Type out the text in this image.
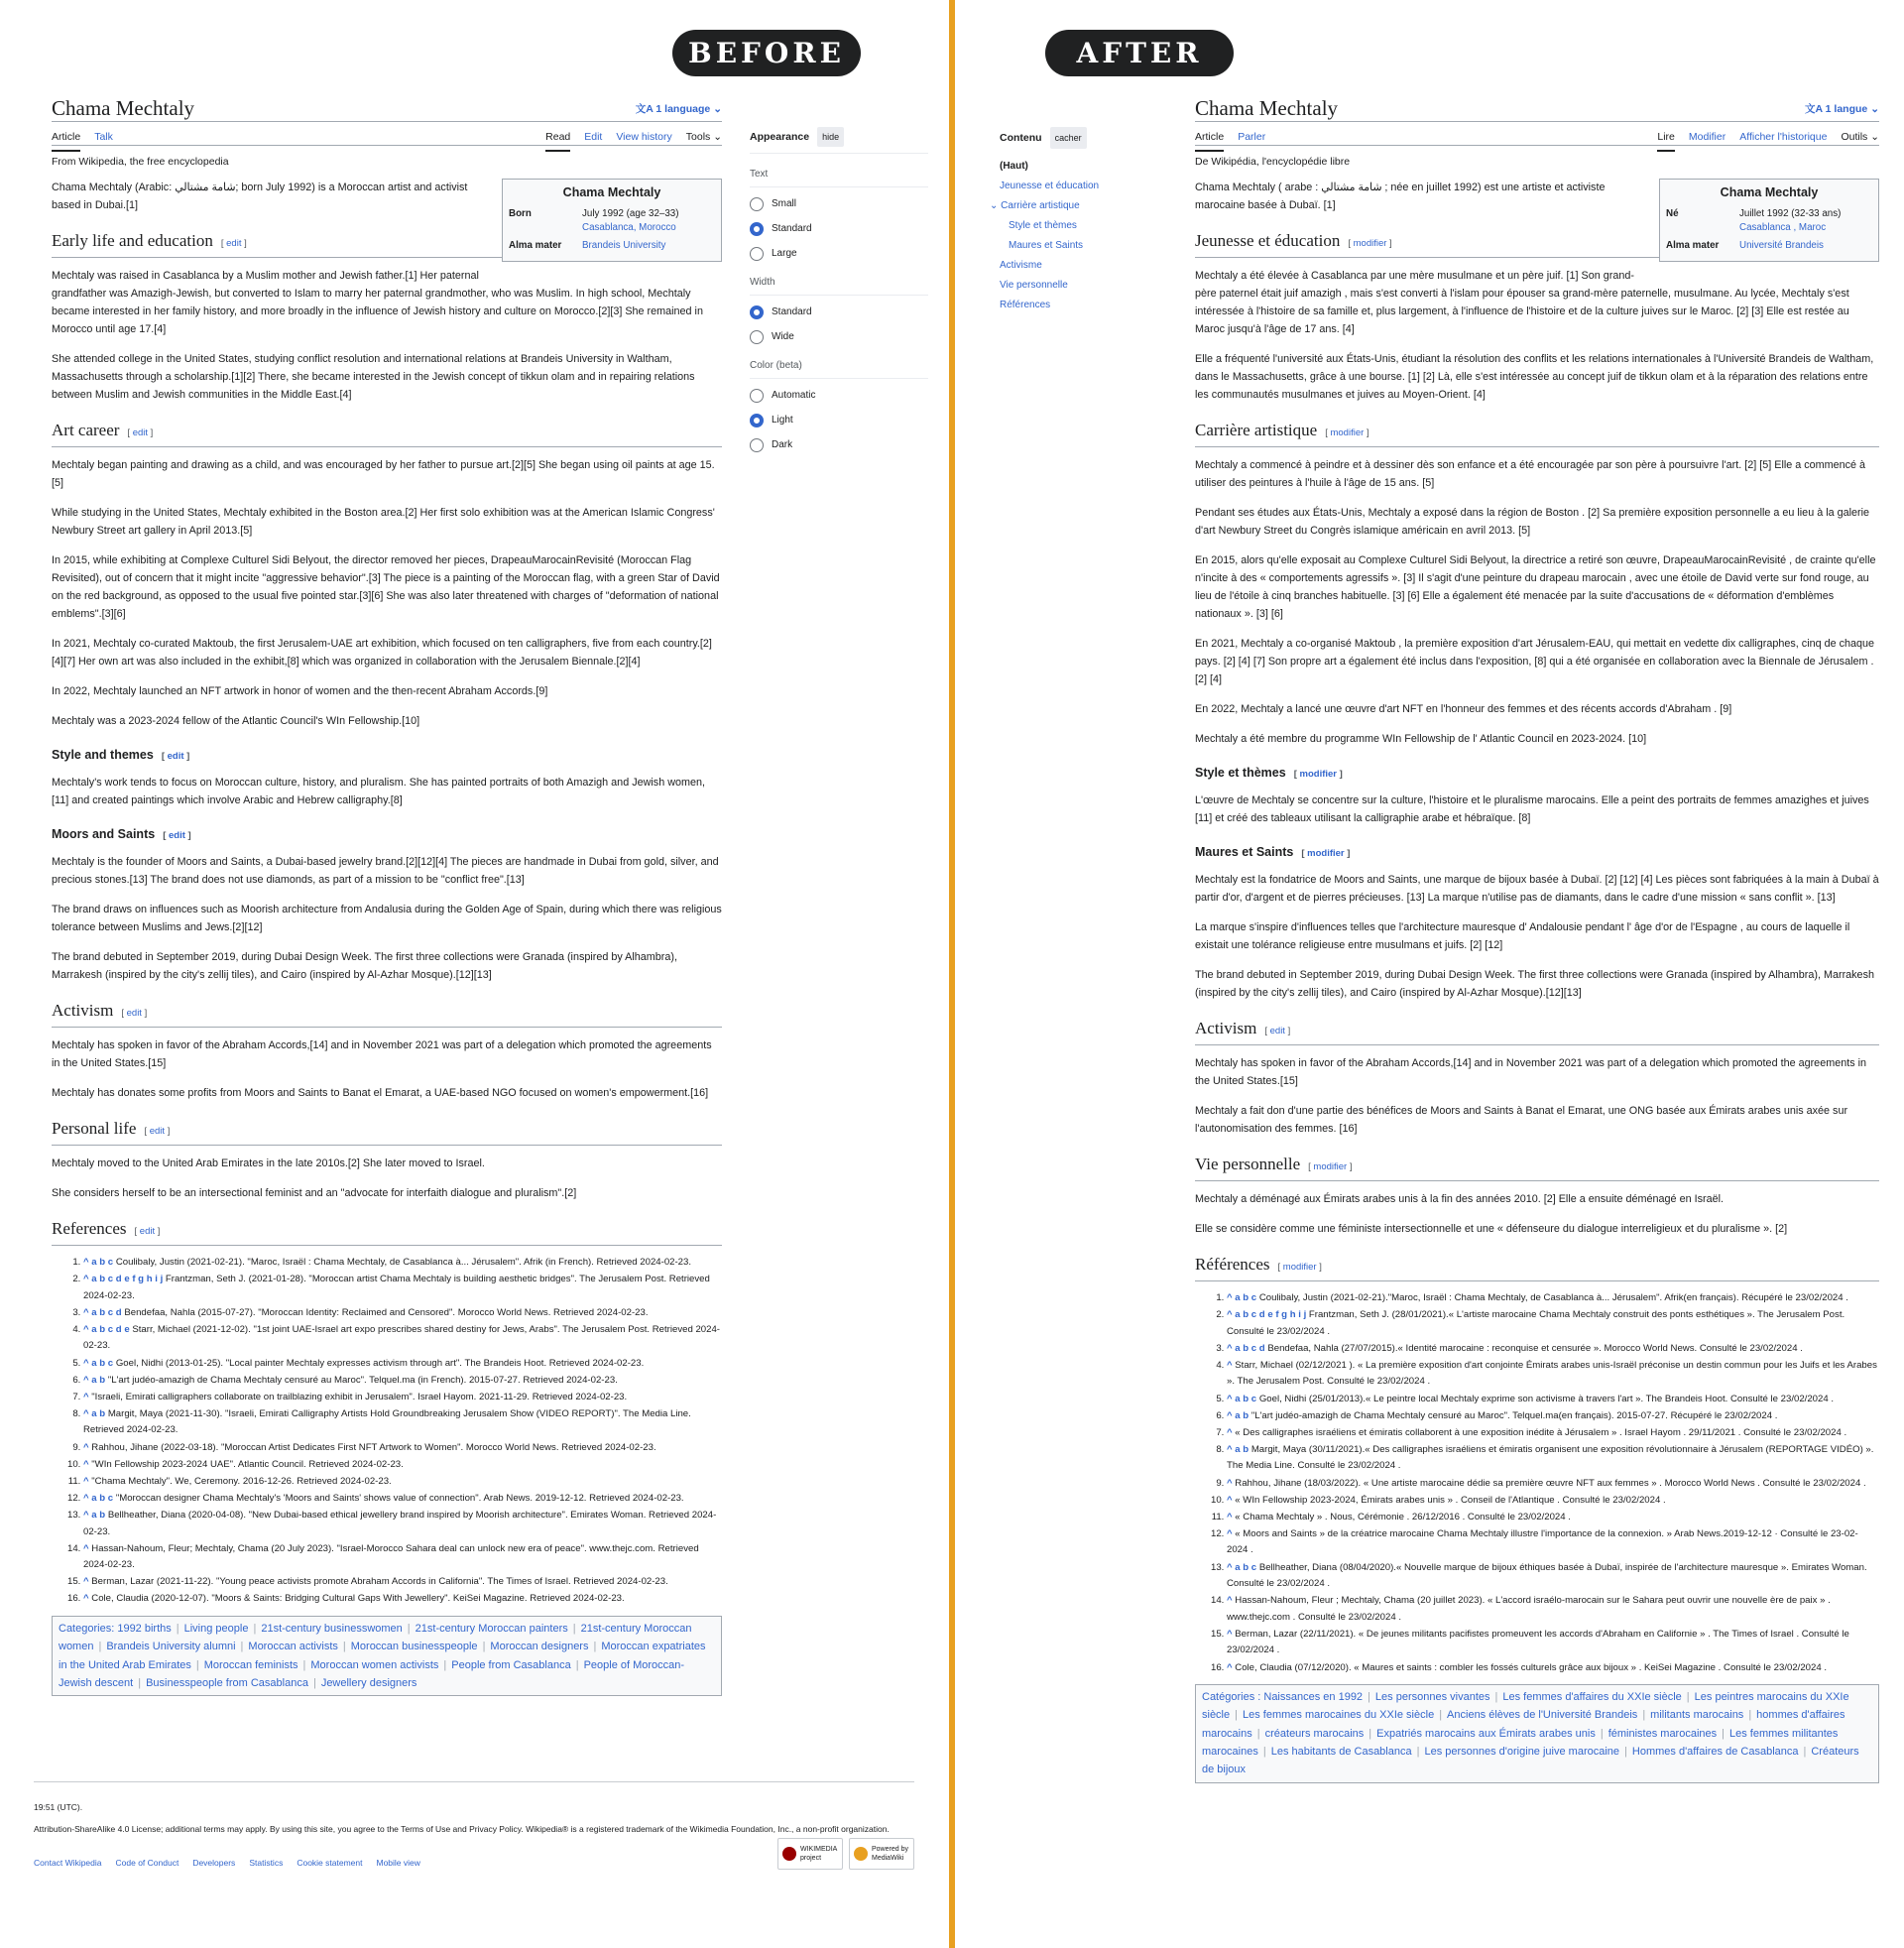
BEFORE	AFTER
Chama Mechtaly	文A 1 language ⌄
Article Talk	Read Edit View history Tools ⌄
From Wikipedia, the free encyclopedia
Chama Mechtaly
Born	July 1992 (age 32–33)
Casablanca, Morocco

Alma mater	Brandeis University

Chama Mechtaly (Arabic: شامة مشتالي; born July 1992) is a Moroccan artist and activist based in Dubai.[1]

Early life and education [ edit ]

Mechtaly was raised in Casablanca by a Muslim mother and Jewish father.[1] Her paternal grandfather was Amazigh-Jewish, but converted to Islam to marry her paternal grandmother, who was Muslim. In high school, Mechtaly became interested in her family history, and more broadly in the influence of Jewish history and culture on Morocco.[2][3] She remained in Morocco until age 17.[4]

She attended college in the United States, studying conflict resolution and international relations at Brandeis University in Waltham, Massachusetts through a scholarship.[1][2] There, she became interested in the Jewish concept of tikkun olam and in repairing relations between Muslim and Jewish communities in the Middle East.[4]

Art career [ edit ]

Mechtaly began painting and drawing as a child, and was encouraged by her father to pursue art.[2][5] She began using oil paints at age 15.[5]

While studying in the United States, Mechtaly exhibited in the Boston area.[2] Her first solo exhibition was at the American Islamic Congress' Newbury Street art gallery in April 2013.[5]

In 2015, while exhibiting at Complexe Culturel Sidi Belyout, the director removed her pieces, DrapeauMarocainRevisité (Moroccan Flag Revisited), out of concern that it might incite "aggressive behavior".[3] The piece is a painting of the Moroccan flag, with a green Star of David on the red background, as opposed to the usual five pointed star.[3][6] She was also later threatened with charges of "deformation of national emblems".[3][6]

In 2021, Mechtaly co-curated Maktoub, the first Jerusalem-UAE art exhibition, which focused on ten calligraphers, five from each country.[2][4][7] Her own art was also included in the exhibit,[8] which was organized in collaboration with the Jerusalem Biennale.[2][4]

In 2022, Mechtaly launched an NFT artwork in honor of women and the then-recent Abraham Accords.[9]

Mechtaly was a 2023-2024 fellow of the Atlantic Council's WIn Fellowship.[10]

Style and themes [ edit ]

Mechtaly's work tends to focus on Moroccan culture, history, and pluralism. She has painted portraits of both Amazigh and Jewish women,[11] and created paintings which involve Arabic and Hebrew calligraphy.[8]

Moors and Saints [ edit ]

Mechtaly is the founder of Moors and Saints, a Dubai-based jewelry brand.[2][12][4] The pieces are handmade in Dubai from gold, silver, and precious stones.[13] The brand does not use diamonds, as part of a mission to be "conflict free".[13]

The brand draws on influences such as Moorish architecture from Andalusia during the Golden Age of Spain, during which there was religious tolerance between Muslims and Jews.[2][12]

The brand debuted in September 2019, during Dubai Design Week. The first three collections were Granada (inspired by Alhambra), Marrakesh (inspired by the city's zellij tiles), and Cairo (inspired by Al-Azhar Mosque).[12][13]

Activism [ edit ]

Mechtaly has spoken in favor of the Abraham Accords,[14] and in November 2021 was part of a delegation which promoted the agreements in the United States.[15]

Mechtaly has donates some profits from Moors and Saints to Banat el Emarat, a UAE-based NGO focused on women's empowerment.[16]

Personal life [ edit ]

Mechtaly moved to the United Arab Emirates in the late 2010s.[2] She later moved to Israel.

She considers herself to be an intersectional feminist and an "advocate for interfaith dialogue and pluralism".[2]

References [ edit ]
1. ^ a b c Coulibaly, Justin (2021-02-21). "Maroc, Israël : Chama Mechtaly, de Casablanca à... Jérusalem". Afrik (in French). Retrieved 2024-02-23.
2. ^ a b c d e f g h i j Frantzman, Seth J. (2021-01-28). "Moroccan artist Chama Mechtaly is building aesthetic bridges". The Jerusalem Post. Retrieved 2024-02-23.
3. ^ a b c d Bendefaa, Nahla (2015-07-27). "Moroccan Identity: Reclaimed and Censored". Morocco World News. Retrieved 2024-02-23.
4. ^ a b c d e Starr, Michael (2021-12-02). "1st joint UAE-Israel art expo prescribes shared destiny for Jews, Arabs". The Jerusalem Post. Retrieved 2024-02-23.
5. ^ a b c Goel, Nidhi (2013-01-25). "Local painter Mechtaly expresses activism through art". The Brandeis Hoot. Retrieved 2024-02-23.
6. ^ a b "L'art judéo-amazigh de Chama Mechtaly censuré au Maroc". Telquel.ma (in French). 2015-07-27. Retrieved 2024-02-23.
7. ^ "Israeli, Emirati calligraphers collaborate on trailblazing exhibit in Jerusalem". Israel Hayom. 2021-11-29. Retrieved 2024-02-23.
8. ^ a b Margit, Maya (2021-11-30). "Israeli, Emirati Calligraphy Artists Hold Groundbreaking Jerusalem Show (VIDEO REPORT)". The Media Line. Retrieved 2024-02-23.
9. ^ Rahhou, Jihane (2022-03-18). "Moroccan Artist Dedicates First NFT Artwork to Women". Morocco World News. Retrieved 2024-02-23.
10. ^ "WIn Fellowship 2023-2024 UAE". Atlantic Council. Retrieved 2024-02-23.
11. ^ "Chama Mechtaly". We, Ceremony. 2016-12-26. Retrieved 2024-02-23.
12. ^ a b c "Moroccan designer Chama Mechtaly's 'Moors and Saints' shows value of connection". Arab News. 2019-12-12. Retrieved 2024-02-23.
13. ^ a b Bellheather, Diana (2020-04-08). "New Dubai-based ethical jewellery brand inspired by Moorish architecture". Emirates Woman. Retrieved 2024-02-23.
14. ^ Hassan-Nahoum, Fleur; Mechtaly, Chama (20 July 2023). "Israel-Morocco Sahara deal can unlock new era of peace". www.thejc.com. Retrieved 2024-02-23.
15. ^ Berman, Lazar (2021-11-22). "Young peace activists promote Abraham Accords in California". The Times of Israel. Retrieved 2024-02-23.
16. ^ Cole, Claudia (2020-12-07). "Moors & Saints: Bridging Cultural Gaps With Jewellery". KeiSei Magazine. Retrieved 2024-02-23.
Categories: 1992 births | Living people | 21st-century businesswomen | 21st-century Moroccan painters | 21st-century Moroccan women | Brandeis University alumni | Moroccan activists | Moroccan businesspeople | Moroccan designers | Moroccan expatriates in the United Arab Emirates | Moroccan feminists | Moroccan women activists | People from Casablanca | People of Moroccan-Jewish descent | Businesspeople from Casablanca | Jewellery designers
Appearance	hide
Text
Small
Standard
Large
Width
Standard
Wide
Color (beta)
Automatic
Light
Dark
19:51 (UTC).
Attribution-ShareAlike 4.0 License; additional terms may apply. By using this site, you agree to the Terms of Use and Privacy Policy. Wikipedia® is a registered trademark of the Wikimedia Foundation, Inc., a non-profit organization.
Contact Wikipedia Code of Conduct Developers Statistics Cookie statement Mobile view
WIKIMEDIA project
Powered by MediaWiki
Contenu	cacher
(Haut)
Jeunesse et éducation
⌄ Carrière artistique
Style et thèmes
Maures et Saints
Activisme
Vie personnelle
Références
Chama Mechtaly	文A 1 langue ⌄
Article Parler	Lire Modifier Afficher l'historique Outils ⌄
De Wikipédia, l'encyclopédie libre
Chama Mechtaly
Né	Juillet 1992 (32-33 ans)
Casablanca , Maroc

Alma mater	Université Brandeis

Chama Mechtaly ( arabe : شامة مشتالي ; née en juillet 1992) est une artiste et activiste marocaine basée à Dubaï. [1]

Jeunesse et éducation [ modifier ]

Mechtaly a été élevée à Casablanca par une mère musulmane et un père juif. [1] Son grand-père paternel était juif amazigh , mais s'est converti à l'islam pour épouser sa grand-mère paternelle, musulmane. Au lycée, Mechtaly s'est intéressée à l'histoire de sa famille et, plus largement, à l'influence de l'histoire et de la culture juives sur le Maroc. [2] [3] Elle est restée au Maroc jusqu'à l'âge de 17 ans. [4]

Elle a fréquenté l'université aux États-Unis, étudiant la résolution des conflits et les relations internationales à l'Université Brandeis de Waltham, dans le Massachusetts, grâce à une bourse. [1] [2] Là, elle s'est intéressée au concept juif de tikkun olam et à la réparation des relations entre les communautés musulmanes et juives au Moyen-Orient. [4]

Carrière artistique [ modifier ]

Mechtaly a commencé à peindre et à dessiner dès son enfance et a été encouragée par son père à poursuivre l'art. [2] [5] Elle a commencé à utiliser des peintures à l'huile à l'âge de 15 ans. [5]

Pendant ses études aux États-Unis, Mechtaly a exposé dans la région de Boston . [2] Sa première exposition personnelle a eu lieu à la galerie d'art Newbury Street du Congrès islamique américain en avril 2013. [5]

En 2015, alors qu'elle exposait au Complexe Culturel Sidi Belyout, la directrice a retiré son œuvre, DrapeauMarocainRevisité , de crainte qu'elle n'incite à des « comportements agressifs ». [3] Il s'agit d'une peinture du drapeau marocain , avec une étoile de David verte sur fond rouge, au lieu de l'étoile à cinq branches habituelle. [3] [6] Elle a également été menacée par la suite d'accusations de « déformation d'emblèmes nationaux ». [3] [6]

En 2021, Mechtaly a co-organisé Maktoub , la première exposition d'art Jérusalem-EAU, qui mettait en vedette dix calligraphes, cinq de chaque pays. [2] [4] [7] Son propre art a également été inclus dans l'exposition, [8] qui a été organisée en collaboration avec la Biennale de Jérusalem . [2] [4]

En 2022, Mechtaly a lancé une œuvre d'art NFT en l'honneur des femmes et des récents accords d'Abraham . [9]

Mechtaly a été membre du programme WIn Fellowship de l' Atlantic Council en 2023-2024. [10]

Style et thèmes [ modifier ]

L'œuvre de Mechtaly se concentre sur la culture, l'histoire et le pluralisme marocains. Elle a peint des portraits de femmes amazighes et juives [11] et créé des tableaux utilisant la calligraphie arabe et hébraïque. [8]

Maures et Saints [ modifier ]

Mechtaly est la fondatrice de Moors and Saints, une marque de bijoux basée à Dubaï. [2] [12] [4] Les pièces sont fabriquées à la main à Dubaï à partir d'or, d'argent et de pierres précieuses. [13] La marque n'utilise pas de diamants, dans le cadre d'une mission « sans conflit ». [13]

La marque s'inspire d'influences telles que l'architecture mauresque d' Andalousie pendant l' âge d'or de l'Espagne , au cours de laquelle il existait une tolérance religieuse entre musulmans et juifs. [2] [12]

The brand debuted in September 2019, during Dubai Design Week. The first three collections were Granada (inspired by Alhambra), Marrakesh (inspired by the city's zellij tiles), and Cairo (inspired by Al-Azhar Mosque).[12][13]

Activism [ edit ]

Mechtaly has spoken in favor of the Abraham Accords,[14] and in November 2021 was part of a delegation which promoted the agreements in the United States.[15]

Mechtaly a fait don d'une partie des bénéfices de Moors and Saints à Banat el Emarat, une ONG basée aux Émirats arabes unis axée sur l'autonomisation des femmes. [16]

Vie personnelle [ modifier ]

Mechtaly a déménagé aux Émirats arabes unis à la fin des années 2010. [2] Elle a ensuite déménagé en Israël.

Elle se considère comme une féministe intersectionnelle et une « défenseure du dialogue interreligieux et du pluralisme ». [2]

Références [ modifier ]
1. ^ a b c Coulibaly, Justin (2021-02-21)."Maroc, Israël : Chama Mechtaly, de Casablanca à... Jérusalem". Afrik(en français). Récupéré le 23/02/2024 .
2. ^ a b c d e f g h i j Frantzman, Seth J. (28/01/2021).« L'artiste marocaine Chama Mechtaly construit des ponts esthétiques ». The Jerusalem Post. Consulté le 23/02/2024 .
3. ^ a b c d Bendefaa, Nahla (27/07/2015).« Identité marocaine : reconquise et censurée ». Morocco World News. Consulté le 23/02/2024 .
4. ^ Starr, Michael (02/12/2021 ). « La première exposition d'art conjointe Émirats arabes unis-Israël préconise un destin commun pour les Juifs et les Arabes ». The Jerusalem Post. Consulté le 23/02/2024 .
5. ^ a b c Goel, Nidhi (25/01/2013).« Le peintre local Mechtaly exprime son activisme à travers l'art ». The Brandeis Hoot. Consulté le 23/02/2024 .
6. ^ a b "L'art judéo-amazigh de Chama Mechtaly censuré au Maroc". Telquel.ma(en français). 2015-07-27. Récupéré le 23/02/2024 .
7. ^ « Des calligraphes israéliens et émiratis collaborent à une exposition inédite à Jérusalem » . Israel Hayom . 29/11/2021 . Consulté le 23/02/2024 .
8. ^ a b Margit, Maya (30/11/2021).« Des calligraphes israéliens et émiratis organisent une exposition révolutionnaire à Jérusalem (REPORTAGE VIDÉO) ». The Media Line. Consulté le 23/02/2024 .
9. ^ Rahhou, Jihane (18/03/2022). « Une artiste marocaine dédie sa première œuvre NFT aux femmes » . Morocco World News . Consulté le 23/02/2024 .
10. ^ « WIn Fellowship 2023-2024, Émirats arabes unis » . Conseil de l'Atlantique . Consulté le 23/02/2024 .
11. ^ « Chama Mechtaly » . Nous, Cérémonie . 26/12/2016 . Consulté le 23/02/2024 .
12. ^ « Moors and Saints » de la créatrice marocaine Chama Mechtaly illustre l'importance de la connexion. » Arab News.2019-12-12 · Consulté le 23-02-2024 .
13. ^ a b c Bellheather, Diana (08/04/2020).« Nouvelle marque de bijoux éthiques basée à Dubaï, inspirée de l'architecture mauresque ». Emirates Woman. Consulté le 23/02/2024 .
14. ^ Hassan-Nahoum, Fleur ; Mechtaly, Chama (20 juillet 2023). « L'accord israélo-marocain sur le Sahara peut ouvrir une nouvelle ère de paix » . www.thejc.com . Consulté le 23/02/2024 .
15. ^ Berman, Lazar (22/11/2021). « De jeunes militants pacifistes promeuvent les accords d'Abraham en Californie » . The Times of Israel . Consulté le 23/02/2024 .
16. ^ Cole, Claudia (07/12/2020). « Maures et saints : combler les fossés culturels grâce aux bijoux » . KeiSei Magazine . Consulté le 23/02/2024 .
Catégories : Naissances en 1992 | Les personnes vivantes | Les femmes d'affaires du XXIe siècle | Les peintres marocains du XXIe siècle | Les femmes marocaines du XXIe siècle | Anciens élèves de l'Université Brandeis | militants marocains | hommes d'affaires marocains | créateurs marocains | Expatriés marocains aux Émirats arabes unis | féministes marocaines | Les femmes militantes marocaines | Les habitants de Casablanca | Les personnes d'origine juive marocaine | Hommes d'affaires de Casablanca | Créateurs de bijoux
